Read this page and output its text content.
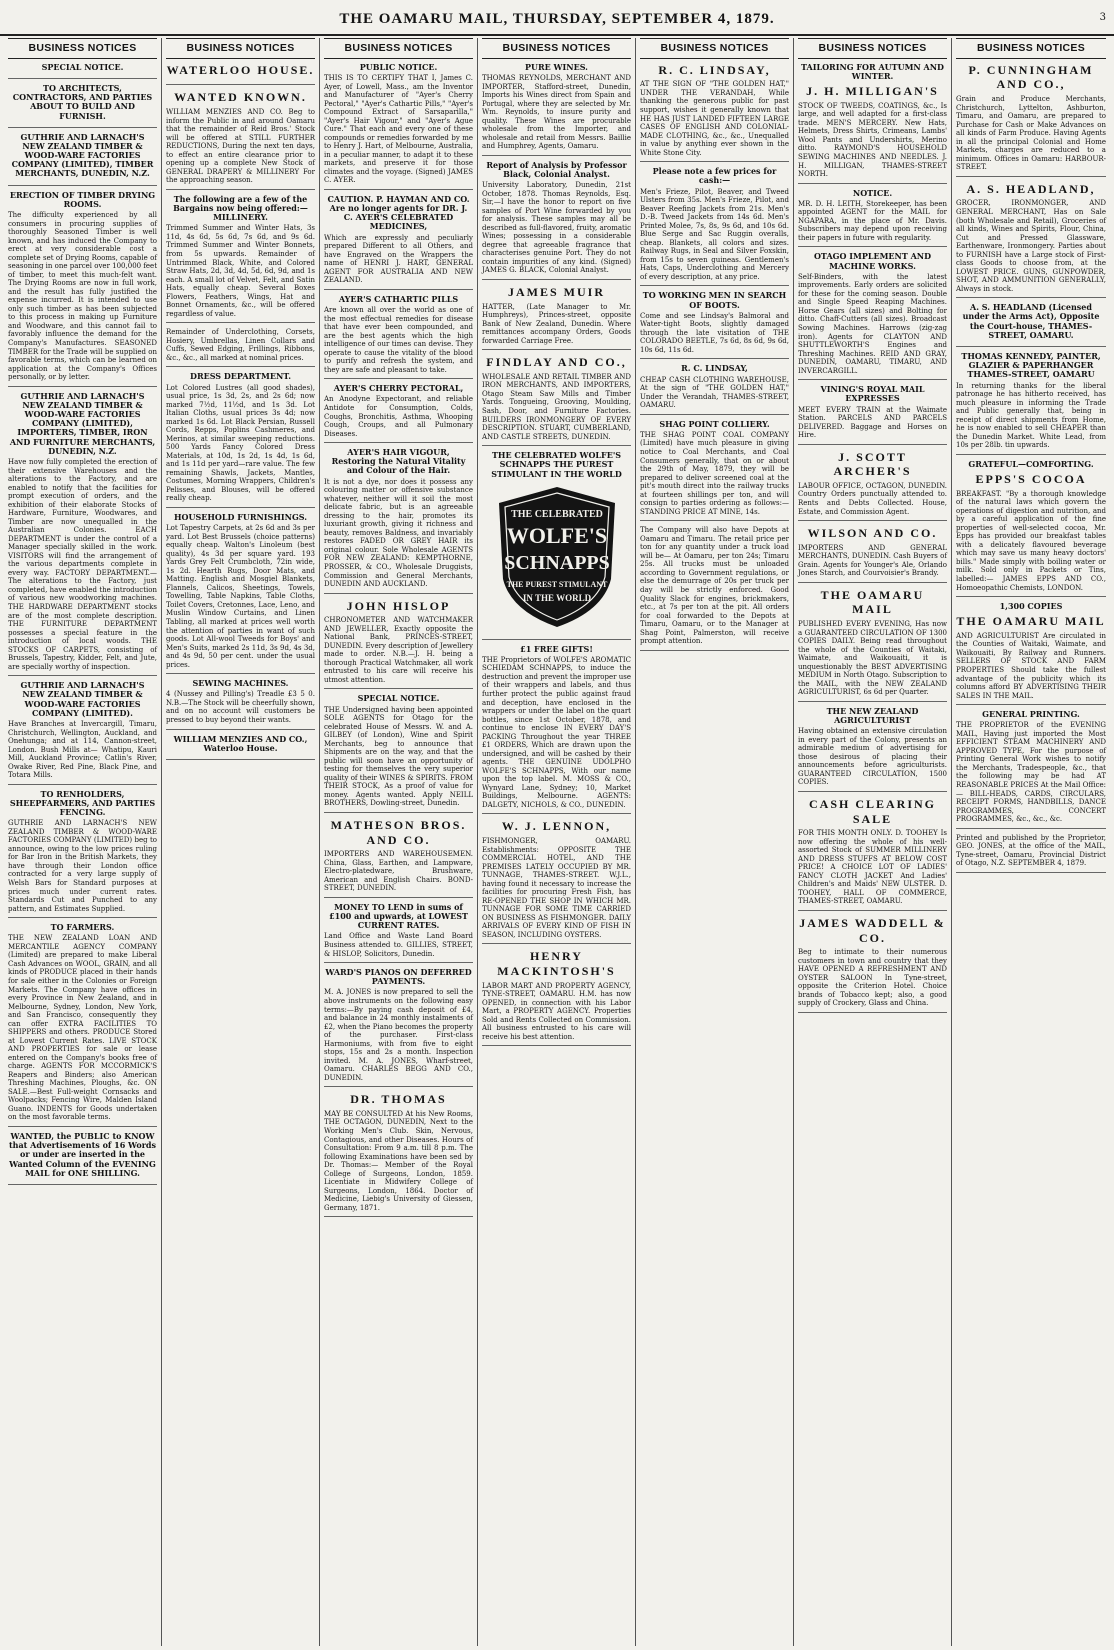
THE OAMARU MAIL, THURSDAY, SEPTEMBER 4, 1879.	3
BUSINESS NOTICES
SPECIAL NOTICE.
TO ARCHITECTS, CONTRACTORS, AND PARTIES ABOUT TO BUILD AND FURNISH.
GUTHRIE AND LARNACH'S NEW ZEALAND TIMBER & WOOD-WARE FACTORIES COMPANY (LIMITED), TIMBER MERCHANTS, DUNEDIN, N.Z.
ERECTION OF TIMBER DRYING ROOMS.
The difficulty experienced by all consumers in procuring supplies of thoroughly Seasoned Timber is well known, and has induced the Company to erect at very considerable cost a complete set of Drying Rooms, capable of seasoning in one parcel over 100,000 feet of timber, to meet this much-felt want. The Drying Rooms are now in full work, and the result has fully justified the expense incurred. It is intended to use only such timber as has been subjected to this process in making up Furniture and Woodware, and this cannot fail to favorably influence the demand for the Company's Manufactures. SEASONED TIMBER for the Trade will be supplied on favorable terms, which can be learned on application at the Company's Offices personally, or by letter.
GUTHRIE AND LARNACH'S NEW ZEALAND TIMBER & WOOD-WARE FACTORIES COMPANY (LIMITED), IMPORTERS, TIMBER, IRON AND FURNITURE MERCHANTS, DUNEDIN, N.Z.
Have now fully completed the erection of their extensive Warehouses and the alterations to the Factory, and are enabled to notify that the facilities for prompt execution of orders, and the exhibition of their elaborate Stocks of Hardware, Furniture, Woodwares, and Timber are now unequalled in the Australian Colonies. EACH DEPARTMENT is under the control of a Manager specially skilled in the work. VISITORS will find the arrangement of the various departments complete in every way. FACTORY DEPARTMENT.—The alterations to the Factory, just completed, have enabled the introduction of various new woodworking machines. THE HARDWARE DEPARTMENT stocks are of the most complete description. THE FURNITURE DEPARTMENT possesses a special feature in the introduction of local woods. THE STOCKS OF CARPETS, consisting of Brussels, Tapestry, Kidder, Felt, and Jute, are specially worthy of inspection.
GUTHRIE AND LARNACH'S NEW ZEALAND TIMBER & WOOD-WARE FACTORIES COMPANY (LIMITED).
Have Branches at Invercargill, Timaru, Christchurch, Wellington, Auckland, and Onehunga; and at 114, Cannon-street, London. Bush Mills at— Whatipu, Kauri Mill, Auckland Province; Catlin's River, Owake River, Red Pine, Black Pine, and Totara Mills.
TO RENHOLDERS, SHEEPFARMERS, AND PARTIES FENCING.
GUTHRIE AND LARNACH'S NEW ZEALAND TIMBER & WOOD-WARE FACTORIES COMPANY (LIMITED) beg to announce, owing to the low prices ruling for Bar Iron in the British Markets, they have through their London office contracted for a very large supply of Welsh Bars for Standard purposes at prices much under current rates. Standards Cut and Punched to any pattern, and Estimates Supplied.
TO FARMERS.
THE NEW ZEALAND LOAN AND MERCANTILE AGENCY COMPANY (Limited) are prepared to make Liberal Cash Advances on WOOL, GRAIN, and all kinds of PRODUCE placed in their hands for sale either in the Colonies or Foreign Markets. The Company have offices in every Province in New Zealand, and in Melbourne, Sydney, London, New York, and San Francisco, consequently they can offer EXTRA FACILITIES TO SHIPPERS and others. PRODUCE Stored at Lowest Current Rates. LIVE STOCK AND PROPERTIES for sale or lease entered on the Company's books free of charge. AGENTS FOR MCCORMICK'S Reapers and Binders; also American Threshing Machines, Ploughs, &c. ON SALE.—Best Full-weight Cornsacks and Woolpacks; Fencing Wire, Malden Island Guano. INDENTS for Goods undertaken on the most favorable terms.
WANTED, the PUBLIC to KNOW that Advertisements of 16 Words or under are inserted in the Wanted Column of the EVENING MAIL for ONE SHILLING.
BUSINESS NOTICES
WATERLOO HOUSE.
WANTED KNOWN.
WILLIAM MENZIES AND CO. Beg to inform the Public in and around Oamaru that the remainder of Reid Bros.' Stock will be offered at STILL FURTHER REDUCTIONS, During the next ten days, to effect an entire clearance prior to opening up a complete New Stock of GENERAL DRAPERY & MILLINERY For the approaching season.
The following are a few of the Bargains now being offered:— MILLINERY.
Trimmed Summer and Winter Hats, 3s 11d, 4s 6d, 5s 6d, 7s 6d, and 9s 6d. Trimmed Summer and Winter Bonnets, from 5s upwards. Remainder of Untrimmed Black, White, and Colored Straw Hats, 2d, 3d, 4d, 5d, 6d, 9d, and 1s each. A small lot of Velvet, Felt, and Satin Hats, equally cheap. Several Boxes Flowers, Feathers, Wings, Hat and Bonnet Ornaments, &c., will be offered regardless of value.
Remainder of Underclothing, Corsets, Hosiery, Umbrellas, Linen Collars and Cuffs, Sewed Edging, Frillings, Ribbons, &c., &c., all marked at nominal prices.
DRESS DEPARTMENT.
Lot Colored Lustres (all good shades), usual price, 1s 3d, 2s, and 2s 6d; now marked 7½d, 11½d, and 1s 3d. Lot Italian Cloths, usual prices 3s 4d; now marked 1s 6d. Lot Black Persian, Russell Cords, Repps, Poplins Cashmeres, and Merinos, at similar sweeping reductions. 500 Yards Fancy Colored Dress Materials, at 10d, 1s 2d, 1s 4d, 1s 6d, and 1s 11d per yard—rare value. The few remaining Shawls, Jackets, Mantles, Costumes, Morning Wrappers, Children's Pelisses, and Blouses, will be offered really cheap.
HOUSEHOLD FURNISHINGS.
Lot Tapestry Carpets, at 2s 6d and 3s per yard. Lot Best Brussels (choice patterns) equally cheap. Walton's Linoleum (best quality), 4s 3d per square yard. 193 Yards Grey Felt Crumbcloth, 72in wide, 1s 2d. Hearth Rugs, Door Mats, and Matting. English and Mosgiel Blankets, Flannels, Calicos, Sheetings, Towels, Towelling, Table Napkins, Table Cloths, Toilet Covers, Cretonnes, Lace, Leno, and Muslin Window Curtains, and Linen Tabling, all marked at prices well worth the attention of parties in want of such goods. Lot All-wool Tweeds for Boys' and Men's Suits, marked 2s 11d, 3s 9d, 4s 3d, and 4s 9d, 50 per cent. under the usual prices.
SEWING MACHINES.
4 (Nussey and Pilling's) Treadle £3 5 0. N.B.—The Stock will be cheerfully shown, and on no account will customers be pressed to buy beyond their wants.
WILLIAM MENZIES AND CO., Waterloo House.
BUSINESS NOTICES
PUBLIC NOTICE.
THIS IS TO CERTIFY THAT I, James C. Ayer, of Lowell, Mass., am the Inventor and Manufacturer of "Ayer's Cherry Pectoral," "Ayer's Cathartic Pills," "Ayer's Compound Extract of Sarsaparilla," "Ayer's Hair Vigour," and "Ayer's Ague Cure." That each and every one of these compounds or remedies forwarded by me to Henry J. Hart, of Melbourne, Australia, in a peculiar manner, to adapt it to these markets, and preserve it for those climates and the voyage. (Signed) JAMES C. AYER.
CAUTION. P. HAYMAN AND CO. Are no longer agents for DR. J. C. AYER'S CELEBRATED MEDICINES,
Which are expressly and peculiarly prepared Different to all Others, and have Engraved on the Wrappers the name of HENRI J. HART, GENERAL AGENT FOR AUSTRALIA AND NEW ZEALAND.
AYER'S CATHARTIC PILLS
Are known all over the world as one of the most effectual remedies for disease that have ever been compounded, and are the best agents which the high intelligence of our times can devise. They operate to cause the vitality of the blood to purify and refresh the system, and they are safe and pleasant to take.
AYER'S CHERRY PECTORAL,
An Anodyne Expectorant, and reliable Antidote for Consumption, Colds, Coughs, Bronchitis, Asthma, Whooping Cough, Croups, and all Pulmonary Diseases.
AYER'S HAIR VIGOUR, Restoring the Natural Vitality and Colour of the Hair.
It is not a dye, nor does it possess any colouring matter or offensive substance whatever, neither will it soil the most delicate fabric, but is an agreeable dressing to the hair, promotes its luxuriant growth, giving it richness and beauty, removes Baldness, and invariably restores FADED OR GREY HAIR its original colour. Sole Wholesale AGENTS FOR NEW ZEALAND: KEMPTHORNE, PROSSER, & CO., Wholesale Druggists, Commission and General Merchants, DUNEDIN AND AUCKLAND.
JOHN HISLOP
CHRONOMETER AND WATCHMAKER AND JEWELLER, Exactly opposite the National Bank, PRINCES-STREET, DUNEDIN. Every description of Jewellery made to order. N.B.—J. H. being a thorough Practical Watchmaker, all work entrusted to his care will receive his utmost attention.
SPECIAL NOTICE.
THE Undersigned having been appointed SOLE AGENTS for Otago for the celebrated House of Messrs. W. and A. GILBEY (of London), Wine and Spirit Merchants, beg to announce that Shipments are on the way, and that the public will soon have an opportunity of testing for themselves the very superior quality of their WINES & SPIRITS. FROM THEIR STOCK, As a proof of value for money. Agents wanted. Apply NEILL BROTHERS, Dowling-street, Dunedin.
MATHESON BROS. AND CO.
IMPORTERS AND WAREHOUSEMEN. China, Glass, Earthen, and Lampware, Electro-platedware, Brushware, American and English Chairs. BOND-STREET, DUNEDIN.
MONEY TO LEND in sums of £100 and upwards, at LOWEST CURRENT RATES.
Land Office and Waste Land Board Business attended to. GILLIES, STREET, & HISLOP, Solicitors, Dunedin.
WARD'S PIANOS ON DEFERRED PAYMENTS.
M. A. JONES is now prepared to sell the above instruments on the following easy terms:—By paying cash deposit of £4, and balance in 24 monthly instalments of £2, when the Piano becomes the property of the purchaser. First-class Harmoniums, with from five to eight stops, 15s and 2s a month. Inspection invited. M. A. JONES, Wharf-street, Oamaru. CHARLES BEGG AND CO., DUNEDIN.
DR. THOMAS
MAY BE CONSULTED At his New Rooms, THE OCTAGON, DUNEDIN, Next to the Working Men's Club. Skin, Nervous, Contagious, and other Diseases. Hours of Consultation: From 9 a.m. till 8 p.m. The following Examinations have been sed by Dr. Thomas:— Member of the Royal College of Surgeons, London, 1859. Licentiate in Midwifery College of Surgeons, London, 1864. Doctor of Medicine, Liebig's University of Giessen, Germany, 1871.
BUSINESS NOTICES
PURE WINES.
THOMAS REYNOLDS, MERCHANT AND IMPORTER, Stafford-street, Dunedin, Imports his Wines direct from Spain and Portugal, where they are selected by Mr. Wm. Reynolds, to insure purity and quality. These Wines are procurable wholesale from the Importer, and wholesale and retail from Messrs. Baillie and Humphrey, Agents, Oamaru.
Report of Analysis by Professor Black, Colonial Analyst.
University Laboratory, Dunedin, 21st October, 1878. Thomas Reynolds, Esq. Sir,—I have the honor to report on five samples of Port Wine forwarded by you for analysis. These samples may all be described as full-flavored, fruity, aromatic Wines; possessing in a considerable degree that agreeable fragrance that characterises genuine Port. They do not contain impurities of any kind. (Signed) JAMES G. BLACK, Colonial Analyst.
JAMES MUIR
HATTER, (Late Manager to Mr. Humphreys), Princes-street, opposite Bank of New Zealand, Dunedin. Where remittances accompany Orders, Goods forwarded Carriage Free.
FINDLAY AND CO.,
WHOLESALE AND RETAIL TIMBER AND IRON MERCHANTS, AND IMPORTERS, Otago Steam Saw Mills and Timber Yards. Tongueing, Grooving, Moulding, Sash, Door, and Furniture Factories. BUILDERS IRONMONGERY OF EVERY DESCRIPTION. STUART, CUMBERLAND, AND CASTLE STREETS, DUNEDIN.
THE CELEBRATED WOLFE'S SCHNAPPS THE PUREST STIMULANT IN THE WORLD
THE CELEBRATED
WOLFE'S
SCHNAPPS
THE PUREST STIMULANT
IN THE WORLD
£1 FREE GIFTS!
THE Proprietors of WOLFE'S AROMATIC SCHIEDAM SCHNAPPS, to induce the destruction and prevent the improper use of their wrappers and labels, and thus further protect the public against fraud and deception, have enclosed in the wrappers or under the label on the quart bottles, since 1st October, 1878, and continue to enclose IN EVERY DAY'S PACKING Throughout the year THREE £1 ORDERS, Which are drawn upon the undersigned, and will be cashed by their agents. THE GENUINE UDOLPHO WOLFE'S SCHNAPPS, With our name upon the top label. M. MOSS & CO., Wynyard Lane, Sydney; 10, Market Buildings, Melbourne. AGENTS: DALGETY, NICHOLS, & CO., DUNEDIN.
W. J. LENNON,
FISHMONGER, OAMARU. Establishments: OPPOSITE THE COMMERCIAL HOTEL, AND THE PREMISES LATELY OCCUPIED BY MR. TUNNAGE, THAMES-STREET. W.J.L., having found it necessary to increase the facilities for procuring Fresh Fish, has RE-OPENED THE SHOP IN WHICH MR. TUNNAGE FOR SOME TIME CARRIED ON BUSINESS AS FISHMONGER. DAILY ARRIVALS OF EVERY KIND OF FISH IN SEASON, INCLUDING OYSTERS.
HENRY MACKINTOSH'S
LABOR MART AND PROPERTY AGENCY, TYNE-STREET, OAMARU. H.M. has now OPENED, in connection with his Labor Mart, a PROPERTY AGENCY. Properties Sold and Rents Collected on Commission. All business entrusted to his care will receive his best attention.
BUSINESS NOTICES
R. C. LINDSAY,
AT THE SIGN OF "THE GOLDEN HAT," UNDER THE VERANDAH, While thanking the generous public for past support, wishes it generally known that HE HAS JUST LANDED FIFTEEN LARGE CASES OF ENGLISH AND COLONIAL-MADE CLOTHING, &c., &c., Unequalled in value by anything ever shown in the White Stone City.
Please note a few prices for cash:—
Men's Frieze, Pilot, Beaver, and Tweed Ulsters from 35s. Men's Frieze, Pilot, and Beaver Reefing Jackets from 21s. Men's D.-B. Tweed Jackets from 14s 6d. Men's Printed Molee, 7s, 8s, 9s 6d, and 10s 6d. Blue Serge and Sac Ruggin overalls, cheap. Blankets, all colors and sizes. Railway Rugs, in Seal and Silver Foxskin, from 15s to seven guineas. Gentlemen's Hats, Caps, Underclothing and Mercery of every description, at any price.
TO WORKING MEN IN SEARCH OF BOOTS.
Come and see Lindsay's Balmoral and Water-tight Boots, slightly damaged through the late visitation of THE COLORADO BEETLE, 7s 6d, 8s 6d, 9s 6d, 10s 6d, 11s 6d.
R. C. LINDSAY,
CHEAP CASH CLOTHING WAREHOUSE, At the sign of "THE GOLDEN HAT," Under the Verandah, THAMES-STREET, OAMARU.
SHAG POINT COLLIERY.
THE SHAG POINT COAL COMPANY (Limited) have much pleasure in giving notice to Coal Merchants, and Coal Consumers generally, that on or about the 29th of May, 1879, they will be prepared to deliver screened coal at the pit's mouth direct into the railway trucks at fourteen shillings per ton, and will consign to parties ordering as follows:— STANDING PRICE AT MINE, 14s.
The Company will also have Depots at Oamaru and Timaru. The retail price per ton for any quantity under a truck load will be— At Oamaru, per ton 24s; Timaru 25s. All trucks must be unloaded according to Government regulations, or else the demurrage of 20s per truck per day will be strictly enforced. Good Quality Slack for engines, brickmakers, etc., at 7s per ton at the pit. All orders for coal forwarded to the Depots at Timaru, Oamaru, or to the Manager at Shag Point, Palmerston, will receive prompt attention.
BUSINESS NOTICES
TAILORING FOR AUTUMN AND WINTER.
J. H. MILLIGAN'S
STOCK OF TWEEDS, COATINGS, &c., Is large, and well adapted for a first-class trade. MEN'S MERCERY. New Hats, Helmets, Dress Shirts, Crimeans, Lambs' Wool Pants and Undershirts, Merino ditto. RAYMOND'S HOUSEHOLD SEWING MACHINES AND NEEDLES. J. H. MILLIGAN, THAMES-STREET NORTH.
NOTICE.
MR. D. H. LEITH, Storekeeper, has been appointed AGENT for the MAIL for NGAPARA, in the place of Mr. Davis. Subscribers may depend upon receiving their papers in future with regularity.
OTAGO IMPLEMENT AND MACHINE WORKS.
Self-Binders, with the latest improvements. Early orders are solicited for these for the coming season. Double and Single Speed Reaping Machines. Horse Gears (all sizes) and Bolting for ditto. Chaff-Cutters (all sizes). Broadcast Sowing Machines. Harrows (zig-zag iron). Agents for CLAYTON AND SHUTTLEWORTH'S Engines and Threshing Machines. REID AND GRAY, DUNEDIN, OAMARU, TIMARU, AND INVERCARGILL.
VINING'S ROYAL MAIL EXPRESSES
MEET EVERY TRAIN at the Waimate Station. PARCELS AND PARCELS DELIVERED. Baggage and Horses on Hire.
J. SCOTT ARCHER'S
LABOUR OFFICE, OCTAGON, DUNEDIN. Country Orders punctually attended to. Rents and Debts Collected. House, Estate, and Commission Agent.
WILSON AND CO.
IMPORTERS AND GENERAL MERCHANTS, DUNEDIN. Cash Buyers of Grain. Agents for Younger's Ale, Orlando Jones Starch, and Courvoisier's Brandy.
THE OAMARU MAIL
PUBLISHED EVERY EVENING, Has now a GUARANTEED CIRCULATION OF 1300 COPIES DAILY. Being read throughout the whole of the Counties of Waitaki, Waimate, and Waikouaiti, it is unquestionably the BEST ADVERTISING MEDIUM in North Otago. Subscription to the MAIL, with the NEW ZEALAND AGRICULTURIST, 6s 6d per Quarter.
THE NEW ZEALAND AGRICULTURIST
Having obtained an extensive circulation in every part of the Colony, presents an admirable medium of advertising for those desirous of placing their announcements before agriculturists. GUARANTEED CIRCULATION, 1500 COPIES.
CASH CLEARING SALE
FOR THIS MONTH ONLY. D. TOOHEY Is now offering the whole of his well-assorted Stock of SUMMER MILLINERY AND DRESS STUFFS AT BELOW COST PRICE! A CHOICE LOT OF LADIES' FANCY CLOTH JACKET And Ladies' Children's and Maids' NEW ULSTER. D. TOOHEY, HALL OF COMMERCE, THAMES-STREET, OAMARU.
JAMES WADDELL & CO.
Beg to intimate to their numerous customers in town and country that they HAVE OPENED A REFRESHMENT AND OYSTER SALOON In Tyne-street, opposite the Criterion Hotel. Choice brands of Tobacco kept; also, a good supply of Crockery, Glass and China.
BUSINESS NOTICES
P. CUNNINGHAM AND CO.,
Grain and Produce Merchants, Christchurch, Lyttelton, Ashburton, Timaru, and Oamaru, are prepared to Purchase for Cash or Make Advances on all kinds of Farm Produce. Having Agents in all the principal Colonial and Home Markets, charges are reduced to a minimum. Offices in Oamaru: HARBOUR-STREET.
A. S. HEADLAND,
GROCER, IRONMONGER, AND GENERAL MERCHANT, Has on Sale (both Wholesale and Retail), Groceries of all kinds, Wines and Spirits, Flour, China, Cut and Pressed Glassware, Earthenware, Ironmongery. Parties about to FURNISH have a Large stock of First-class Goods to choose from, at the LOWEST PRICE. GUNS, GUNPOWDER, SHOT, AND AMMUNITION GENERALLY, Always in stock.
A. S. HEADLAND (Licensed under the Arms Act), Opposite the Court-house, THAMES-STREET, OAMARU.
THOMAS KENNEDY, PAINTER, GLAZIER & PAPERHANGER THAMES-STREET, OAMARU
In returning thanks for the liberal patronage he has hitherto received, has much pleasure in informing the Trade and Public generally that, being in receipt of direct shipments from Home, he is now enabled to sell CHEAPER than the Dunedin Market. White Lead, from 10s per 28lb. tin upwards.
GRATEFUL—COMFORTING.
EPPS'S COCOA
BREAKFAST. "By a thorough knowledge of the natural laws which govern the operations of digestion and nutrition, and by a careful application of the fine properties of well-selected cocoa, Mr. Epps has provided our breakfast tables with a delicately flavoured beverage which may save us many heavy doctors' bills." Made simply with boiling water or milk. Sold only in Packets or Tins, labelled:— JAMES EPPS AND CO., Homoeopathic Chemists, LONDON.
1,300 COPIES
THE OAMARU MAIL
AND AGRICULTURIST Are circulated in the Counties of Waitaki, Waimate, and Waikouaiti, By Railway and Runners. SELLERS OF STOCK AND FARM PROPERTIES Should take the fullest advantage of the publicity which its columns afford BY ADVERTISING THEIR SALES IN THE MAIL.
GENERAL PRINTING.
THE PROPRIETOR of the EVENING MAIL, Having just imported the Most EFFICIENT STEAM MACHINERY AND APPROVED TYPE, For the purpose of Printing General Work wishes to notify the Merchants, Tradespeople, &c., that the following may be had AT REASONABLE PRICES At the Mail Office:— BILL-HEADS, CARDS, CIRCULARS, RECEIPT FORMS, HANDBILLS, DANCE PROGRAMMES, CONCERT PROGRAMMES, &c., &c., &c.
Printed and published by the Proprietor, GEO. JONES, at the office of the MAIL, Tyne-street, Oamaru, Provincial District of Otago, N.Z. SEPTEMBER 4, 1879.
